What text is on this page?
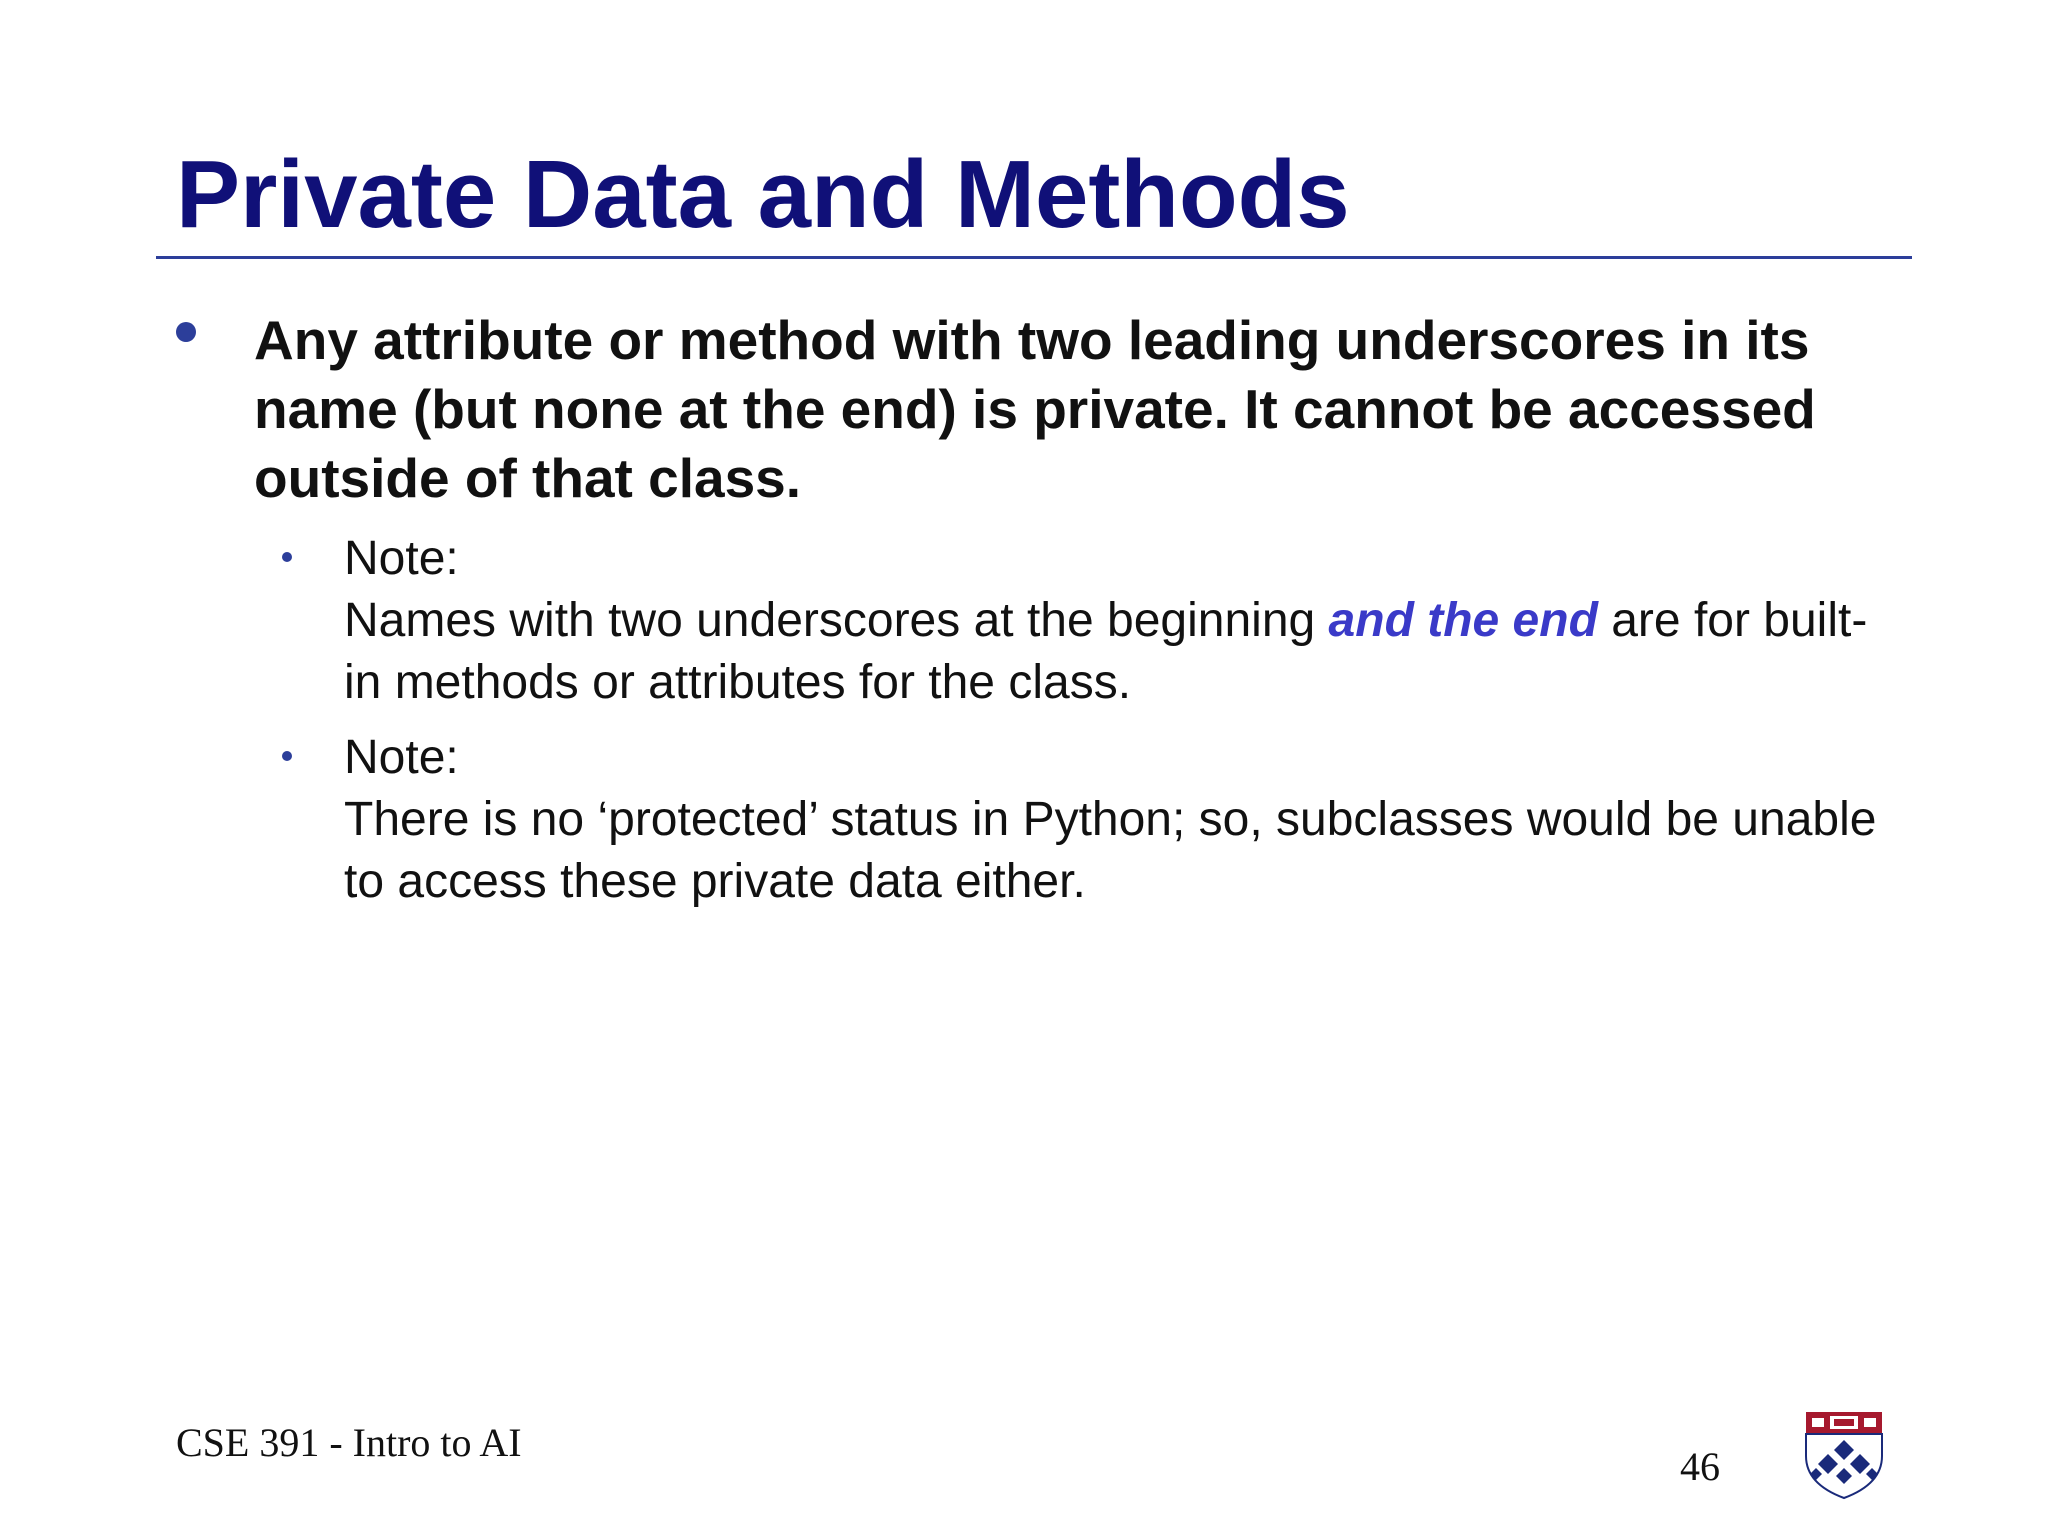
Private Data and Methods

Any attribute or method with two leading underscores in its name (but none at the end) is private. It cannot be accessed outside of that class.

Note:
Names with two underscores at the beginning and the end are for built-in methods or attributes for the class.
Note:
There is no ‘protected’ status in Python; so, subclasses would be unable to access these private data either.
CSE 391 - Intro to AI
46
